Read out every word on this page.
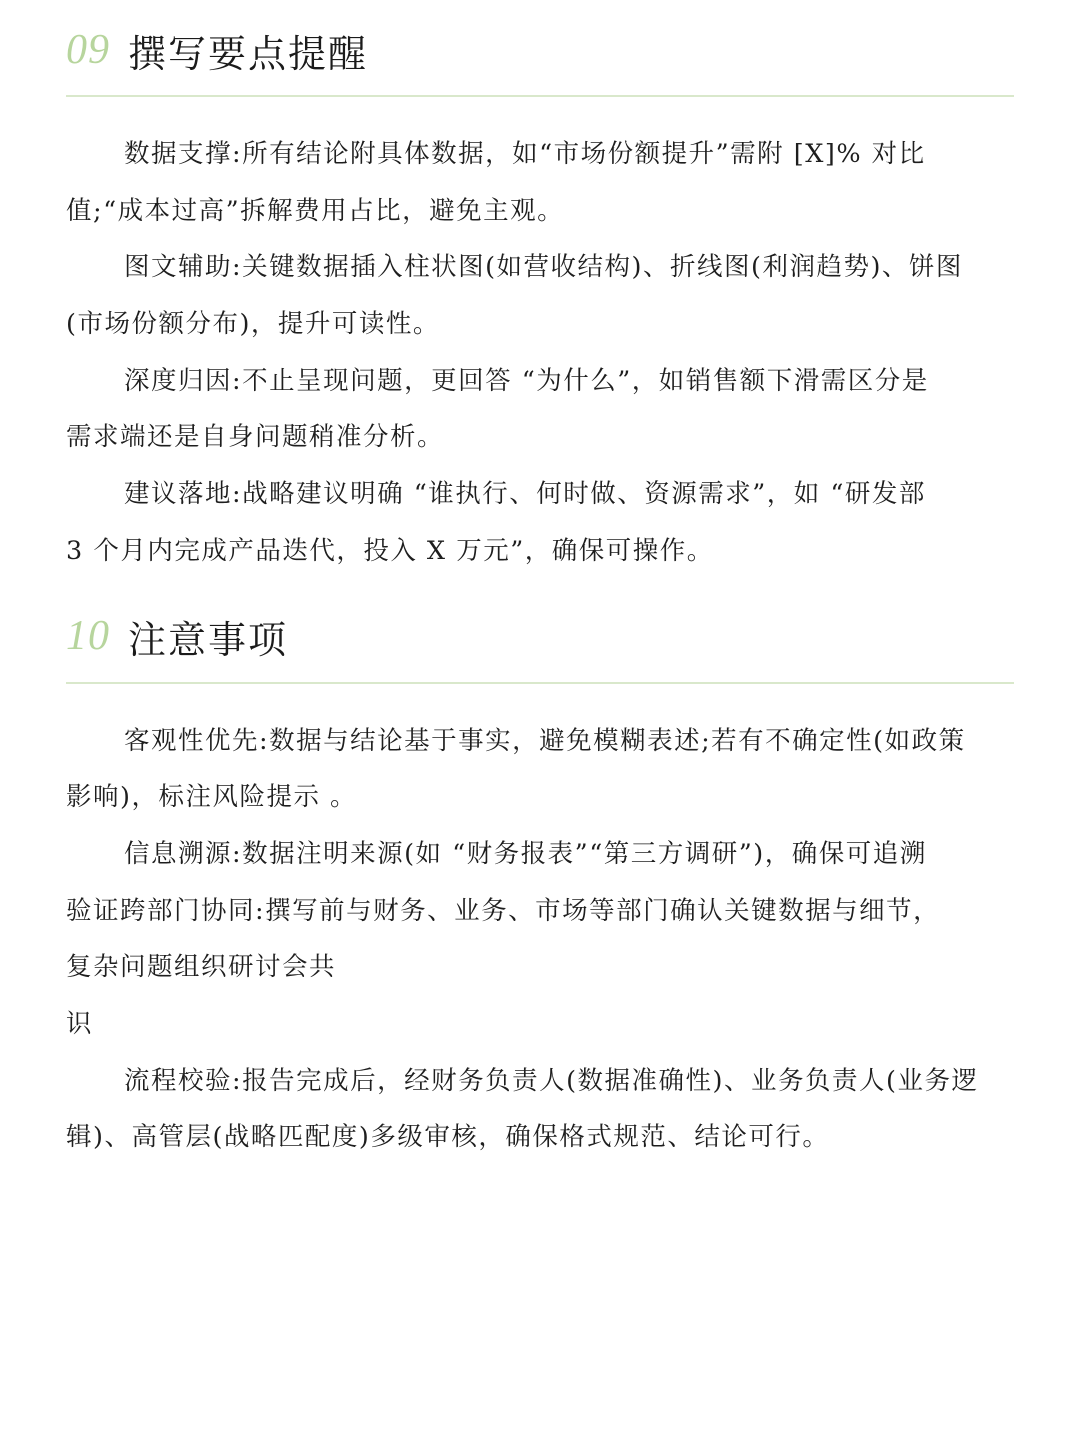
09 撰写要点提醒
数据支撑:所有结论附具体数据，如“市场份额提升”需附 [X]% 对比
值;“成本过高”拆解费用占比，避免主观。
图文辅助:关键数据插入柱状图(如营收结构)、折线图(利润趋势)、饼图
(市场份额分布)，提升可读性。
深度归因:不止呈现问题，更回答 “为什么”，如销售额下滑需区分是
需求端还是自身问题稍准分析。
建议落地:战略建议明确 “谁执行、何时做、资源需求”，如 “研发部
3 个月内完成产品迭代，投入 X 万元”，确保可操作。
10 注意事项
客观性优先:数据与结论基于事实，避免模糊表述;若有不确定性(如政策
影响)，标注风险提示 。
信息溯源:数据注明来源(如 “财务报表”“第三方调研”)，确保可追溯
验证跨部门协同:撰写前与财务、业务、市场等部门确认关键数据与细节，
复杂问题组织研讨会共
识
流程校验:报告完成后，经财务负责人(数据准确性)、业务负责人(业务逻
辑)、高管层(战略匹配度)多级审核，确保格式规范、结论可行。
